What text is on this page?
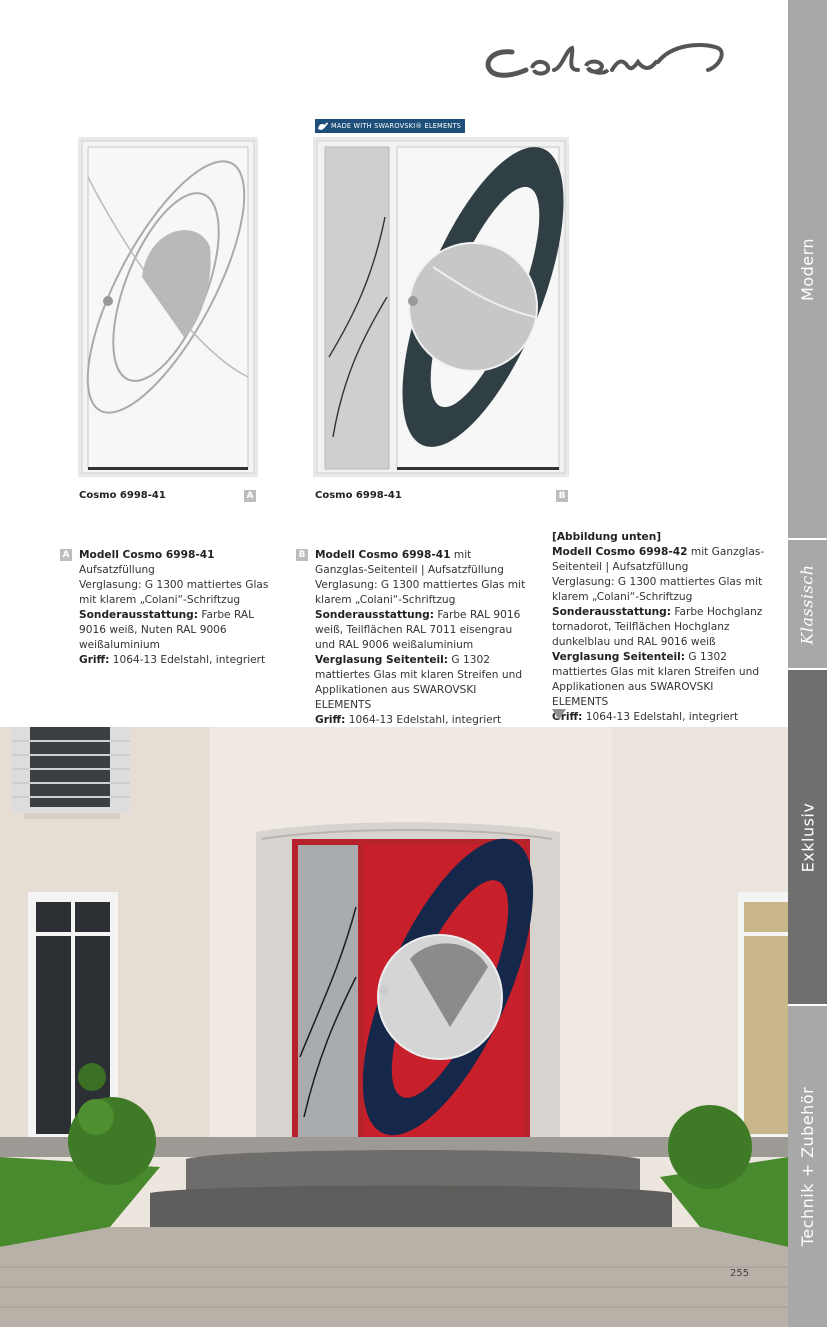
MADE WITH SWAROVSKI® ELEMENTS
Cosmo 6998-41	A	Cosmo 6998-41	B
A Modell Cosmo 6998-41 Aufsatzfüllung
Verglasung: G 1300 mattiertes Glas mit klarem „Colani“-Schriftzug
Sonderausstattung: Farbe RAL 9016 weiß, Nuten RAL 9006 weißaluminium
Griff: 1064-13 Edelstahl, integriert
B Modell Cosmo 6998-41 mit Ganzglas-Seitenteil | Aufsatzfüllung
Verglasung: G 1300 mattiertes Glas mit klarem „Colani“-Schriftzug
Sonderausstattung: Farbe RAL 9016 weiß, Teilflächen RAL 7011 eisengrau und RAL 9006 weißaluminium
Verglasung Seitenteil: G 1302 mattiertes Glas mit klaren Streifen und Applikationen aus SWAROVSKI ELEMENTS
Griff: 1064-13 Edelstahl, integriert
[Abbildung unten]
Modell Cosmo 6998-42 mit Ganzglas-Seitenteil | Aufsatzfüllung
Verglasung: G 1300 mattiertes Glas mit klarem „Colani“-Schriftzug
Sonderausstattung: Farbe Hochglanz tornadorot, Teilflächen Hochglanz dunkelblau und RAL 9016 weiß
Verglasung Seitenteil: G 1302 mattiertes Glas mit klaren Streifen und Applikationen aus SWAROVSKI ELEMENTS
Griff: 1064-13 Edelstahl, integriert
255
Modern
Klassisch
Exklusiv
Technik + Zubehör
